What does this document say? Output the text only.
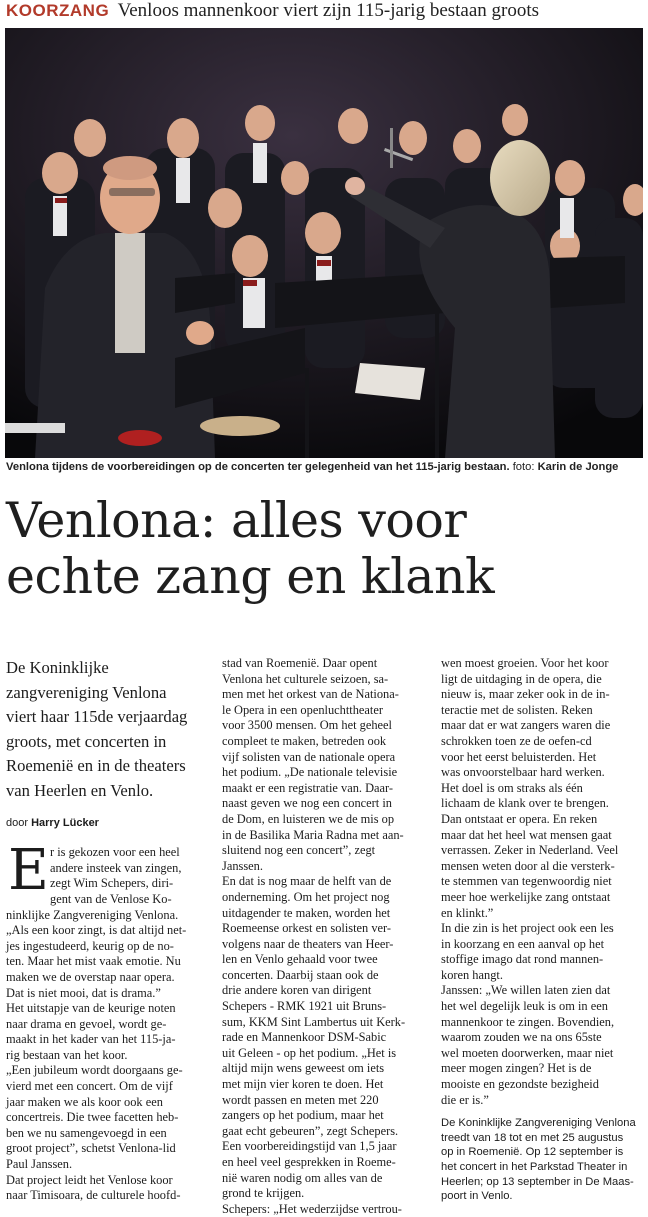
KOORZANG Venloos mannenkoor viert zijn 115-jarig bestaan groots
Venlona tijdens de voorbereidingen op de concerten ter gelegenheid van het 115-jarig bestaan. foto: Karin de Jonge
Venlona: alles voor
echte zang en klank
De Koninklijke
zangvereniging Venlona
viert haar 115de verjaardag
groots, met concerten in
Roemenië en in de theaters
van Heerlen en Venlo.
door Harry Lücker
E r is gekozen voor een heel
andere insteek van zingen,
zegt Wim Schepers, diri-
gent van de Venlose Ko-
ninklijke Zangvereniging Venlona.
„Als een koor zingt, is dat altijd net-
jes ingestudeerd, keurig op de no-
ten. Maar het mist vaak emotie. Nu
maken we de overstap naar opera.
Dat is niet mooi, dat is drama.”
Het uitstapje van de keurige noten
naar drama en gevoel, wordt ge-
maakt in het kader van het 115-ja-
rig bestaan van het koor.
„Een jubileum wordt doorgaans ge-
vierd met een concert. Om de vijf
jaar maken we als koor ook een
concertreis. Die twee facetten heb-
ben we nu samengevoegd in een
groot project”, schetst Venlona-lid
Paul Janssen.
Dat project leidt het Venlose koor
naar Timisoara, de culturele hoofd-
stad van Roemenië. Daar opent
Venlona het culturele seizoen, sa-
men met het orkest van de Nationa-
le Opera in een openluchttheater
voor 3500 mensen. Om het geheel
compleet te maken, betreden ook
vijf solisten van de nationale opera
het podium. „De nationale televisie
maakt er een registratie van. Daar-
naast geven we nog een concert in
de Dom, en luisteren we de mis op
in de Basilika Maria Radna met aan-
sluitend nog een concert”, zegt
Janssen.
En dat is nog maar de helft van de
onderneming. Om het project nog
uitdagender te maken, worden het
Roemeense orkest en solisten ver-
volgens naar de theaters van Heer-
len en Venlo gehaald voor twee
concerten. Daarbij staan ook de
drie andere koren van dirigent
Schepers - RMK 1921 uit Bruns-
sum, KKM Sint Lambertus uit Kerk-
rade en Mannenkoor DSM-Sabic
uit Geleen - op het podium. „Het is
altijd mijn wens geweest om iets
met mijn vier koren te doen. Het
wordt passen en meten met 220
zangers op het podium, maar het
gaat echt gebeuren”, zegt Schepers.
Een voorbereidingstijd van 1,5 jaar
en heel veel gesprekken in Roeme-
nië waren nodig om alles van de
grond te krijgen.
Schepers: „Het wederzijdse vertrou-
wen moest groeien. Voor het koor
ligt de uitdaging in de opera, die
nieuw is, maar zeker ook in de in-
teractie met de solisten. Reken
maar dat er wat zangers waren die
schrokken toen ze de oefen-cd
voor het eerst beluisterden. Het
was onvoorstelbaar hard werken.
Het doel is om straks als één
lichaam de klank over te brengen.
Dan ontstaat er opera. En reken
maar dat het heel wat mensen gaat
verrassen. Zeker in Nederland. Veel
mensen weten door al die versterk-
te stemmen van tegenwoordig niet
meer hoe werkelijke zang ontstaat
en klinkt.”
In die zin is het project ook een les
in koorzang en een aanval op het
stoffige imago dat rond mannen-
koren hangt.
Janssen: „We willen laten zien dat
het wel degelijk leuk is om in een
mannenkoor te zingen. Bovendien,
waarom zouden we na ons 65ste
wel moeten doorwerken, maar niet
meer mogen zingen? Het is de
mooiste en gezondste bezigheid
die er is.”
De Koninklijke Zangvereniging Venlona
treedt van 18 tot en met 25 augustus
op in Roemenië. Op 12 september is
het concert in het Parkstad Theater in
Heerlen; op 13 september in De Maas-
poort in Venlo.
